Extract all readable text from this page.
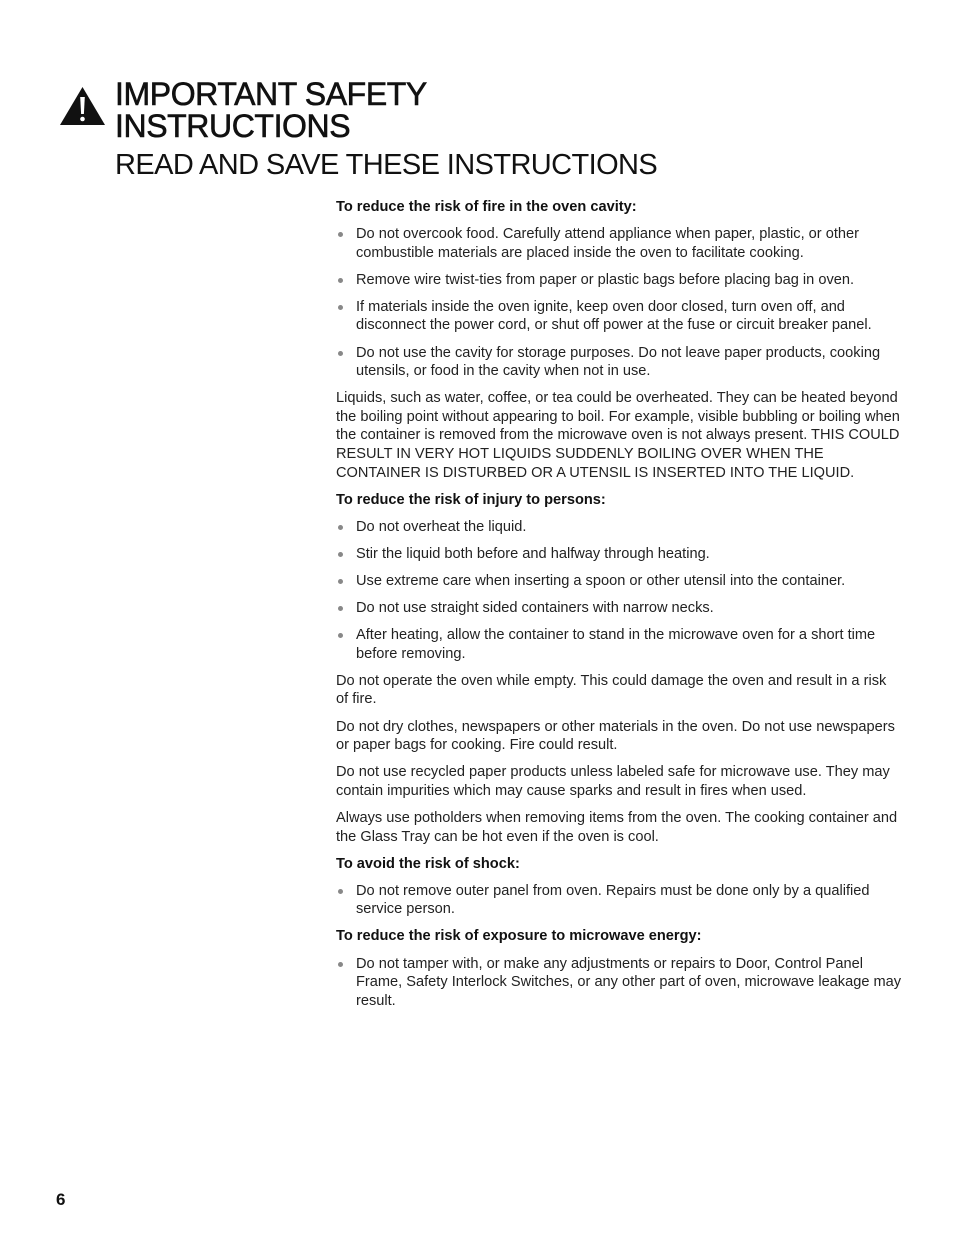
IMPORTANT SAFETY
INSTRUCTIONS
READ AND SAVE THESE INSTRUCTIONS
To reduce the risk of fire in the oven cavity:
Do not overcook food. Carefully attend appliance when paper, plastic, or other combustible materials are placed inside the oven to facilitate cooking.
Remove wire twist-ties from paper or plastic bags before placing bag in oven.
If materials inside the oven ignite, keep oven door closed, turn oven off, and disconnect the power cord, or shut off power at the fuse or circuit breaker panel.
Do not use the cavity for storage purposes. Do not leave paper products, cooking utensils, or food in the cavity when not in use.

Liquids, such as water, coffee, or tea could be overheated. They can be heated beyond the boiling point without appearing to boil. For example, visible bubbling or boiling when the container is removed from the microwave oven is not always present. THIS COULD RESULT IN VERY HOT LIQUIDS SUDDENLY BOILING OVER WHEN THE CONTAINER IS DISTURBED OR A UTENSIL IS INSERTED INTO THE LIQUID.

To reduce the risk of injury to persons:
Do not overheat the liquid.
Stir the liquid both before and halfway through heating.
Use extreme care when inserting a spoon or other utensil into the container.
Do not use straight sided containers with narrow necks.
After heating, allow the container to stand in the microwave oven for a short time before removing.

Do not operate the oven while empty. This could damage the oven and result in a risk of fire.

Do not dry clothes, newspapers or other materials in the oven. Do not use newspapers or paper bags for cooking. Fire could result.

Do not use recycled paper products unless labeled safe for microwave use. They may contain impurities which may cause sparks and result in fires when used.

Always use potholders when removing items from the oven. The cooking container and the Glass Tray can be hot even if the oven is cool.

To avoid the risk of shock:
Do not remove outer panel from oven. Repairs must be done only by a qualified service person.
To reduce the risk of exposure to microwave energy:
Do not tamper with, or make any adjustments or repairs to Door, Control Panel Frame, Safety Interlock Switches, or any other part of oven, microwave leakage may result.
6
